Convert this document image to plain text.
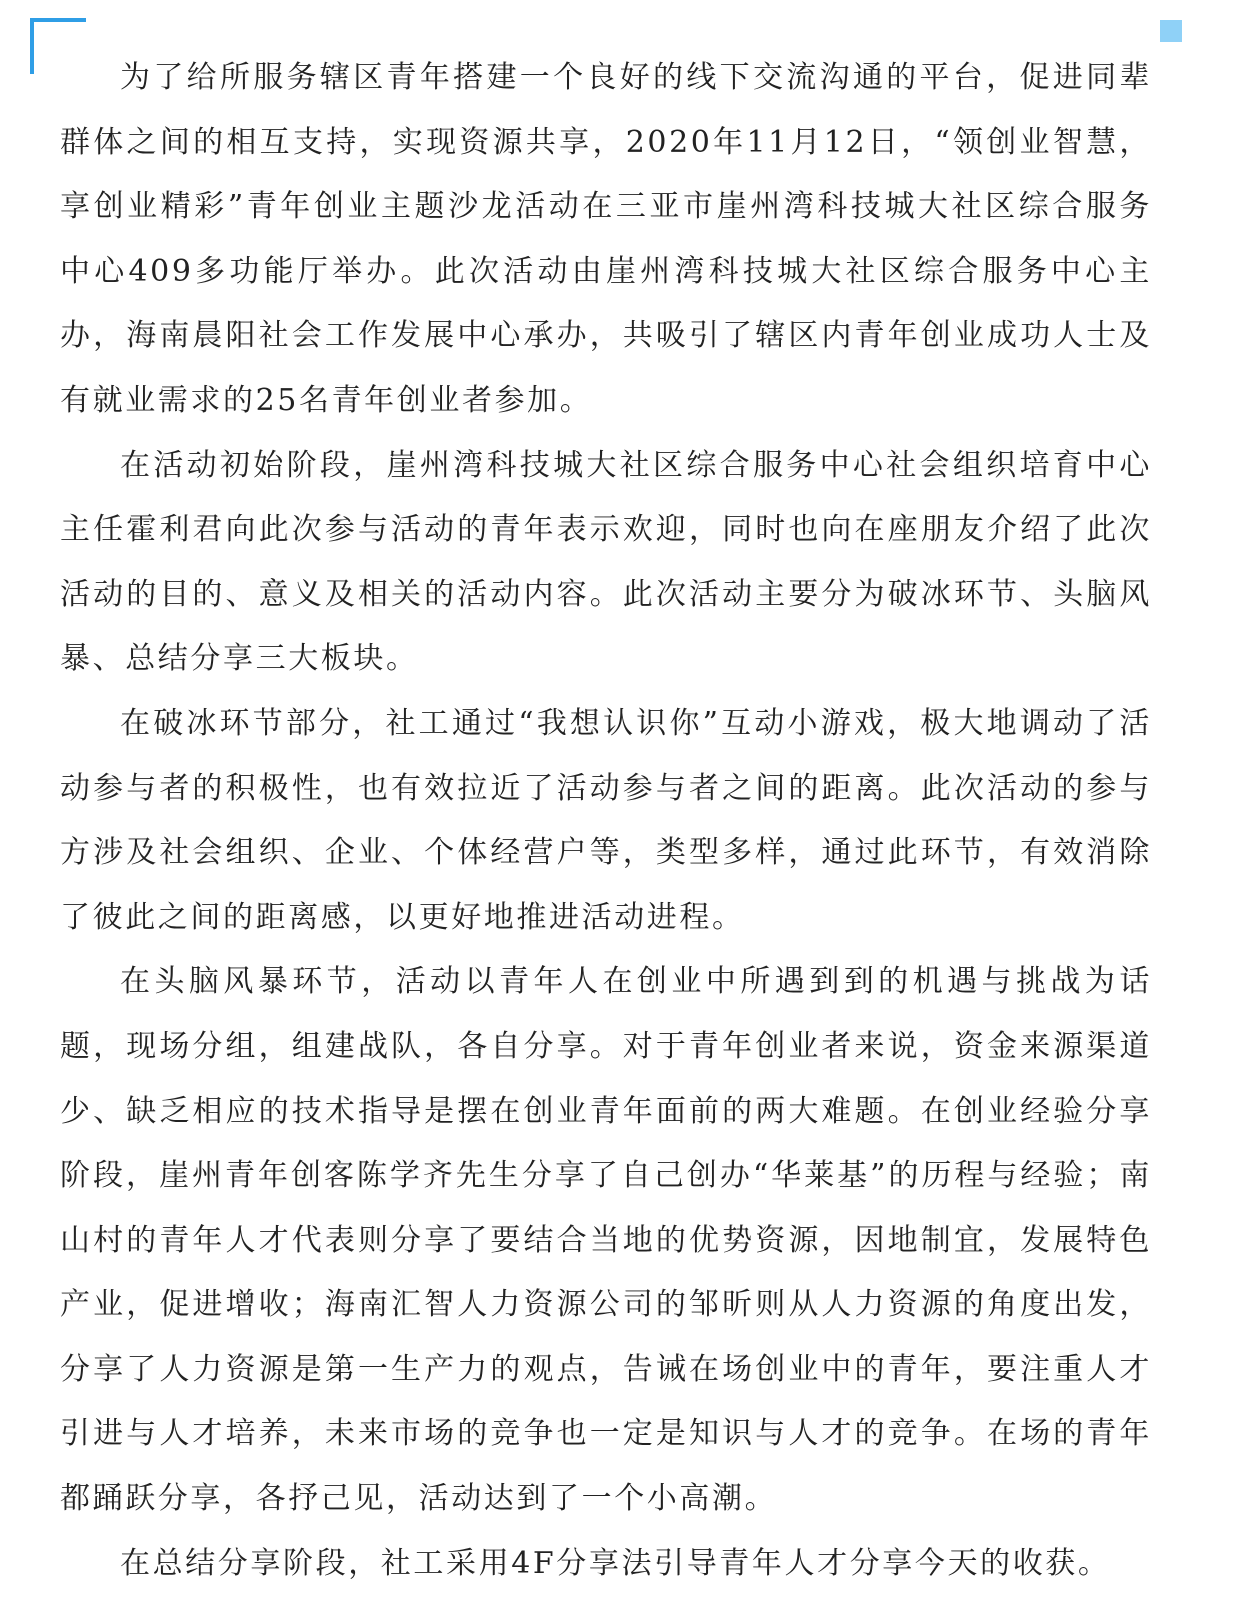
为了给所服务辖区青年搭建一个良好的线下交流沟通的平台，促进同辈群体之间的相互支持，实现资源共享，2020年11月12日，“领创业智慧，享创业精彩”青年创业主题沙龙活动在三亚市崖州湾科技城大社区综合服务中心409多功能厅举办。此次活动由崖州湾科技城大社区综合服务中心主办，海南晨阳社会工作发展中心承办，共吸引了辖区内青年创业成功人士及有就业需求的25名青年创业者参加。

在活动初始阶段，崖州湾科技城大社区综合服务中心社会组织培育中心主任霍利君向此次参与活动的青年表示欢迎，同时也向在座朋友介绍了此次活动的目的、意义及相关的活动内容。此次活动主要分为破冰环节、头脑风暴、总结分享三大板块。

在破冰环节部分，社工通过“我想认识你”互动小游戏，极大地调动了活动参与者的积极性，也有效拉近了活动参与者之间的距离。此次活动的参与方涉及社会组织、企业、个体经营户等，类型多样，通过此环节，有效消除了彼此之间的距离感，以更好地推进活动进程。

在头脑风暴环节，活动以青年人在创业中所遇到到的机遇与挑战为话题，现场分组，组建战队，各自分享。对于青年创业者来说，资金来源渠道少、缺乏相应的技术指导是摆在创业青年面前的两大难题。在创业经验分享阶段，崖州青年创客陈学齐先生分享了自己创办“华莱基”的历程与经验；南山村的青年人才代表则分享了要结合当地的优势资源，因地制宜，发展特色产业，促进增收；海南汇智人力资源公司的邹昕则从人力资源的角度出发，分享了人力资源是第一生产力的观点，告诫在场创业中的青年，要注重人才引进与人才培养，未来市场的竞争也一定是知识与人才的竞争。在场的青年都踊跃分享，各抒己见，活动达到了一个小高潮。

在总结分享阶段，社工采用4F分享法引导青年人才分享今天的收获。
